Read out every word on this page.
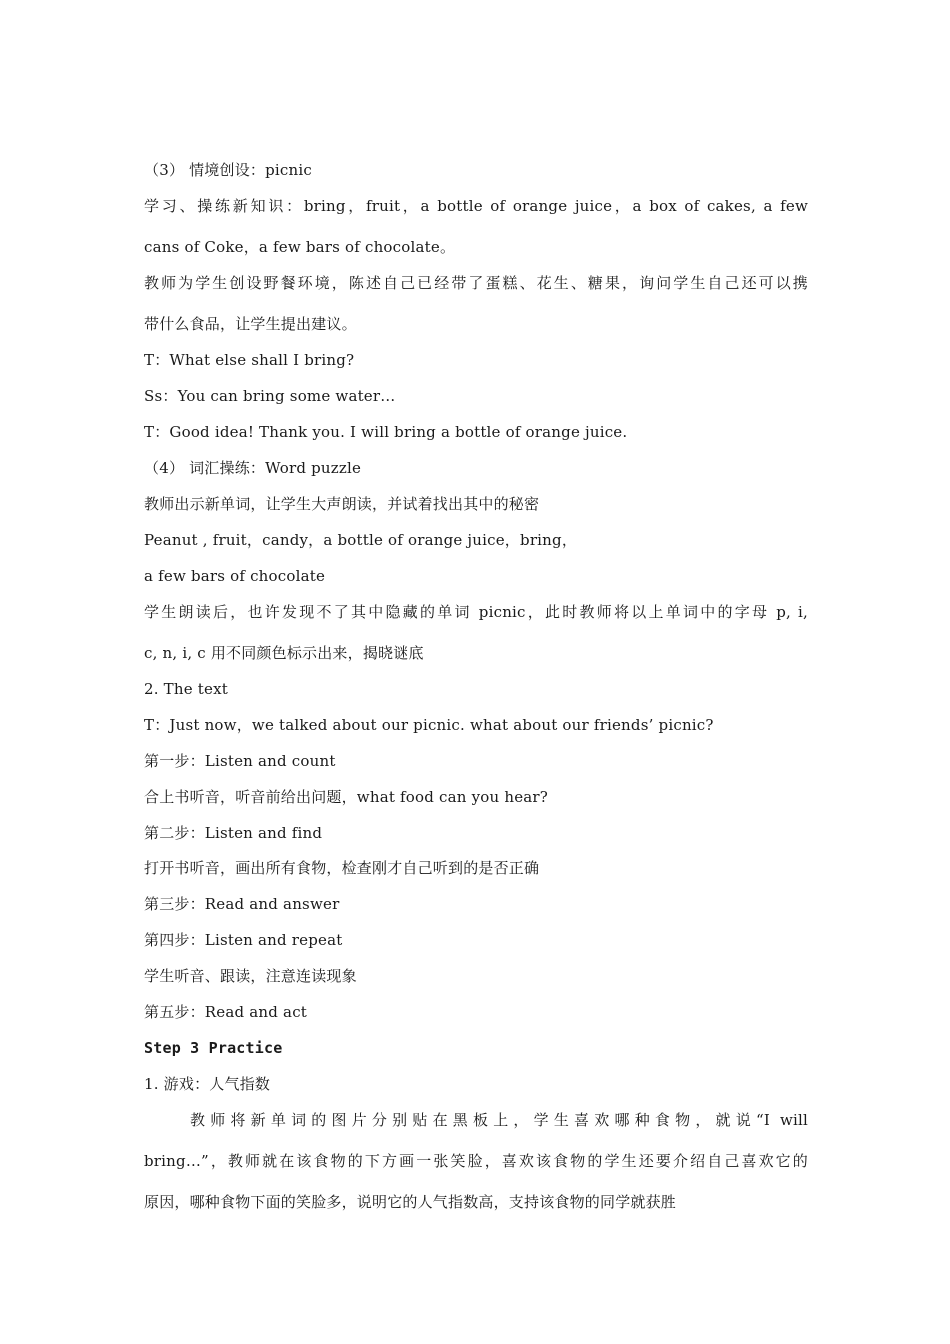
（3） 情境创设：picnic
学习、操练新知识：bring，fruit，a bottle of orange juice，a box of cakes, a few
cans of Coke，a few bars of chocolate。
教师为学生创设野餐环境，陈述自己已经带了蛋糕、花生、糖果，询问学生自己还可以携
带什么食品，让学生提出建议。
T：What else shall I bring?
Ss：You can bring some water…
T：Good idea! Thank you. I will bring a bottle of orange juice.
（4） 词汇操练：Word puzzle
教师出示新单词，让学生大声朗读，并试着找出其中的秘密
Peanut , fruit，candy，a bottle of orange juice，bring，
a few bars of chocolate
学生朗读后，也许发现不了其中隐藏的单词 picnic，此时教师将以上单词中的字母 p, i,
c, n, i, c 用不同颜色标示出来，揭晓谜底
2. The text
T：Just now，we talked about our picnic. what about our friends’ picnic?
第一步：Listen and count
合上书听音，听音前给出问题，what food can you hear?
第二步：Listen and find
打开书听音，画出所有食物，检查刚才自己听到的是否正确
第三步：Read and answer
第四步：Listen and repeat
学生听音、跟读，注意连读现象
第五步：Read and act
Step 3 Practice
1. 游戏：人气指数
教师将新单词的图片分别贴在黑板上，学生喜欢哪种食物，就说“I will
bring…”，教师就在该食物的下方画一张笑脸，喜欢该食物的学生还要介绍自己喜欢它的
原因，哪种食物下面的笑脸多，说明它的人气指数高，支持该食物的同学就获胜
